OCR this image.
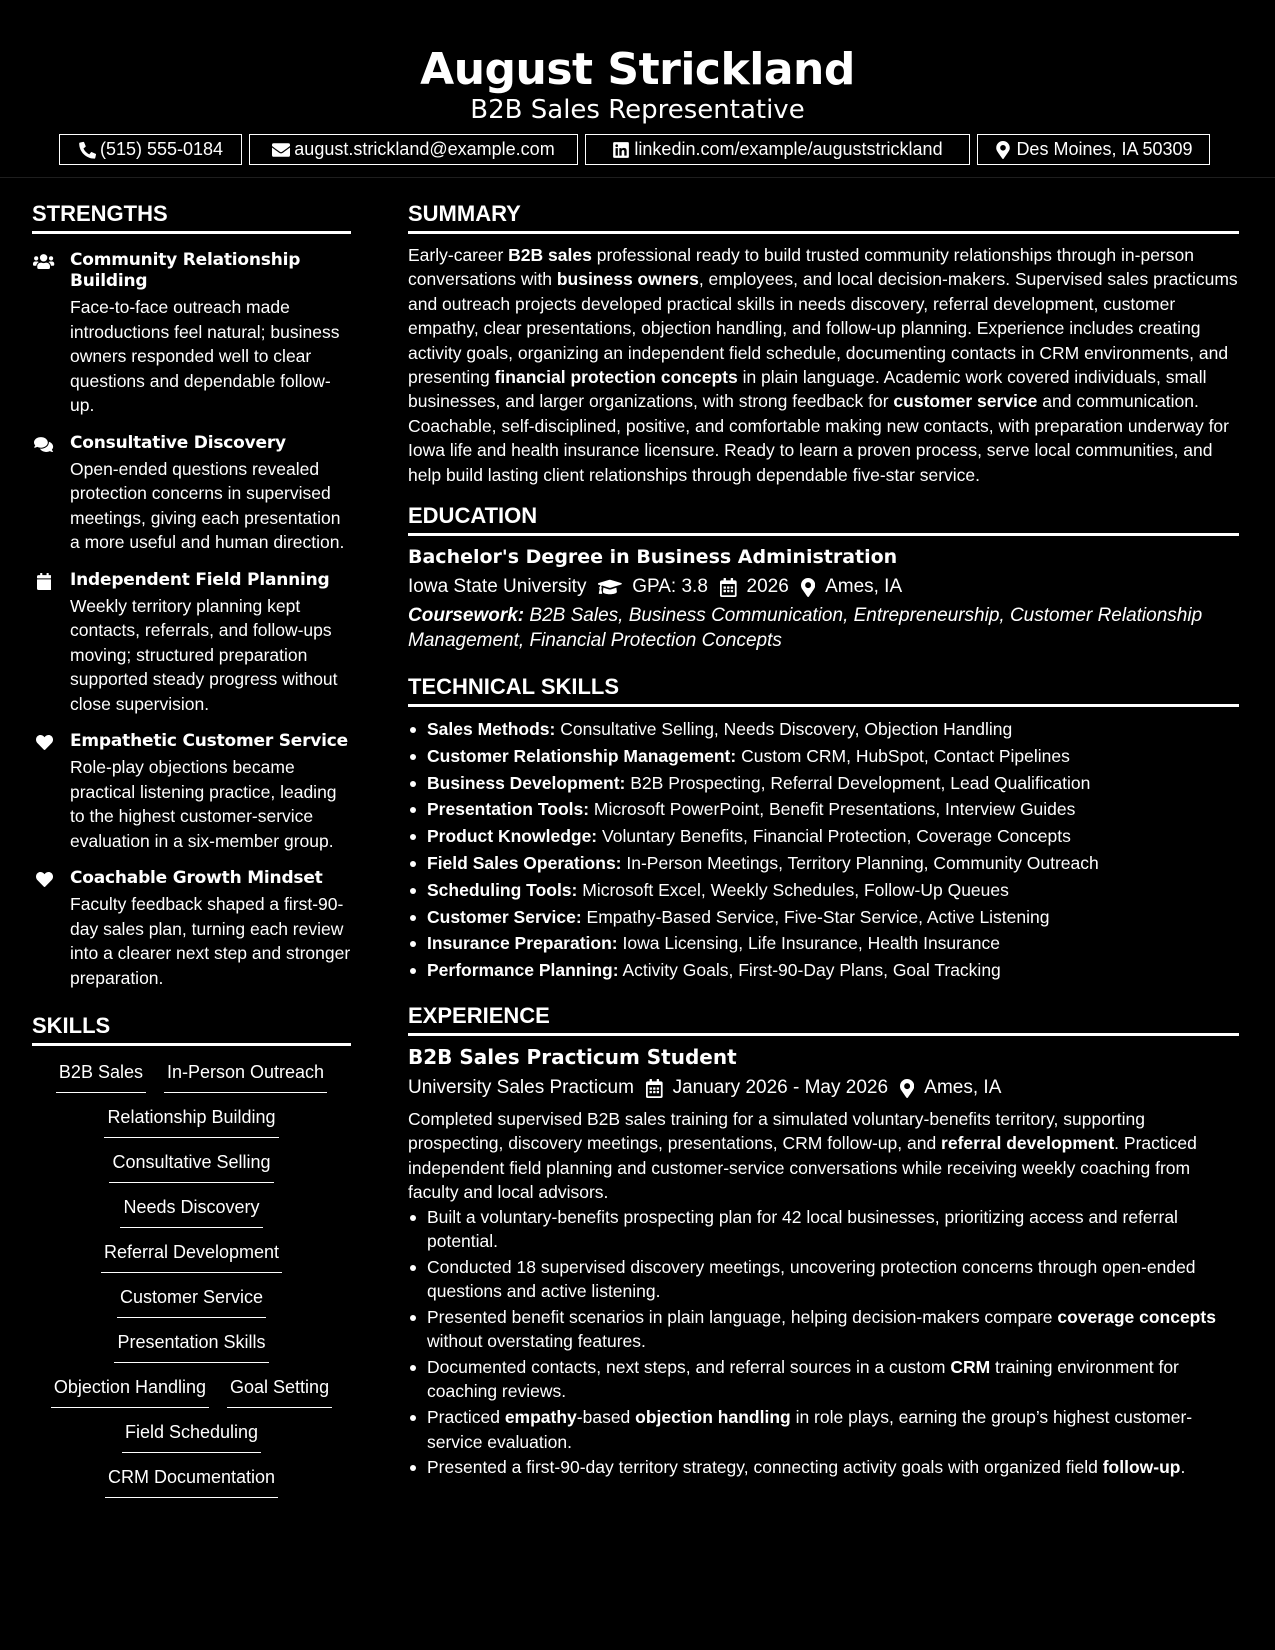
August Strickland
B2B Sales Representative
(515) 555-0184	august.strickland@example.com	linkedin.com/example/auguststrickland	Des Moines, IA 50309
STRENGTHS
Community Relationship Building
Face-to-face outreach made introductions feel natural; business owners responded well to clear questions and dependable follow-up.
Consultative Discovery
Open-ended questions revealed protection concerns in supervised meetings, giving each presentation a more useful and human direction.
Independent Field Planning
Weekly territory planning kept contacts, referrals, and follow-ups moving; structured preparation supported steady progress without close supervision.
Empathetic Customer Service
Role-play objections became practical listening practice, leading to the highest customer-service evaluation in a six-member group.
Coachable Growth Mindset
Faculty feedback shaped a first-90-day sales plan, turning each review into a clearer next step and stronger preparation.
SKILLS
B2B Sales In-Person Outreach
Relationship Building
Consultative Selling
Needs Discovery
Referral Development
Customer Service
Presentation Skills
Objection Handling Goal Setting
Field Scheduling
CRM Documentation
SUMMARY
Early-career B2B sales professional ready to build trusted community relationships through in-person conversations with business owners, employees, and local decision-makers. Supervised sales practicums and outreach projects developed practical skills in needs discovery, referral development, customer empathy, clear presentations, objection handling, and follow-up planning. Experience includes creating activity goals, organizing an independent field schedule, documenting contacts in CRM environments, and presenting financial protection concepts in plain language. Academic work covered individuals, small businesses, and larger organizations, with strong feedback for customer service and communication. Coachable, self-disciplined, positive, and comfortable making new contacts, with preparation underway for Iowa life and health insurance licensure. Ready to learn a proven process, serve local communities, and help build lasting client relationships through dependable five-star service.
EDUCATION
Bachelor's Degree in Business Administration
Iowa State University GPA: 3.8 2026 Ames, IA
Coursework: B2B Sales, Business Communication, Entrepreneurship, Customer Relationship Management, Financial Protection Concepts
TECHNICAL SKILLS
Sales Methods: Consultative Selling, Needs Discovery, Objection Handling
Customer Relationship Management: Custom CRM, HubSpot, Contact Pipelines
Business Development: B2B Prospecting, Referral Development, Lead Qualification
Presentation Tools: Microsoft PowerPoint, Benefit Presentations, Interview Guides
Product Knowledge: Voluntary Benefits, Financial Protection, Coverage Concepts
Field Sales Operations: In-Person Meetings, Territory Planning, Community Outreach
Scheduling Tools: Microsoft Excel, Weekly Schedules, Follow-Up Queues
Customer Service: Empathy-Based Service, Five-Star Service, Active Listening
Insurance Preparation: Iowa Licensing, Life Insurance, Health Insurance
Performance Planning: Activity Goals, First-90-Day Plans, Goal Tracking
EXPERIENCE
B2B Sales Practicum Student
University Sales Practicum January 2026 - May 2026 Ames, IA
Completed supervised B2B sales training for a simulated voluntary-benefits territory, supporting prospecting, discovery meetings, presentations, CRM follow-up, and referral development. Practiced independent field planning and customer-service conversations while receiving weekly coaching from faculty and local advisors.
Built a voluntary-benefits prospecting plan for 42 local businesses, prioritizing access and referral potential.
Conducted 18 supervised discovery meetings, uncovering protection concerns through open-ended questions and active listening.
Presented benefit scenarios in plain language, helping decision-makers compare coverage concepts without overstating features.
Documented contacts, next steps, and referral sources in a custom CRM training environment for coaching reviews.
Practiced empathy-based objection handling in role plays, earning the group’s highest customer-service evaluation.
Presented a first-90-day territory strategy, connecting activity goals with organized field follow-up.
